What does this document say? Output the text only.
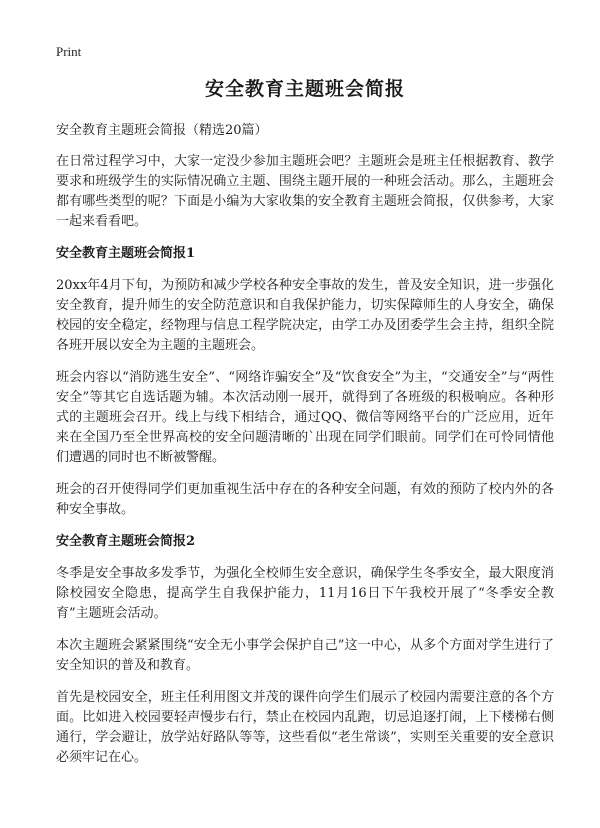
Print
安全教育主题班会简报
安全教育主题班会简报（精选20篇）

在日常过程学习中，大家一定没少参加主题班会吧？主题班会是班主任根据教育、教学要求和班级学生的实际情况确立主题、围绕主题开展的一种班会活动。那么，主题班会都有哪些类型的呢？下面是小编为大家收集的安全教育主题班会简报，仅供参考，大家一起来看看吧。

安全教育主题班会简报1

20xx年4月下旬，为预防和减少学校各种安全事故的发生，普及安全知识，进一步强化安全教育，提升师生的安全防范意识和自我保护能力，切实保障师生的人身安全，确保校园的安全稳定，经物理与信息工程学院决定，由学工办及团委学生会主持，组织全院各班开展以安全为主题的主题班会。

班会内容以“消防逃生安全”、“网络诈骗安全”及“饮食安全”为主，“交通安全”与“两性安全”等其它自选话题为辅。本次活动刚一展开，就得到了各班级的积极响应。各种形式的主题班会召开。线上与线下相结合，通过QQ、微信等网络平台的广泛应用，近年来在全国乃至全世界高校的安全问题清晰的`出现在同学们眼前。同学们在可怜同情他们遭遇的同时也不断被警醒。

班会的召开使得同学们更加重视生活中存在的各种安全问题，有效的预防了校内外的各种安全事故。

安全教育主题班会简报2

冬季是安全事故多发季节，为强化全校师生安全意识，确保学生冬季安全，最大限度消除校园安全隐患，提高学生自我保护能力，11月16日下午我校开展了“冬季安全教育”主题班会活动。

本次主题班会紧紧围绕“安全无小事学会保护自己”这一中心，从多个方面对学生进行了安全知识的普及和教育。

首先是校园安全，班主任利用图文并茂的课件向学生们展示了校园内需要注意的各个方面。比如进入校园要轻声慢步右行，禁止在校园内乱跑，切忌追逐打闹，上下楼梯右侧通行，学会避让，放学站好路队等等，这些看似“老生常谈”，实则至关重要的安全意识必须牢记在心。
